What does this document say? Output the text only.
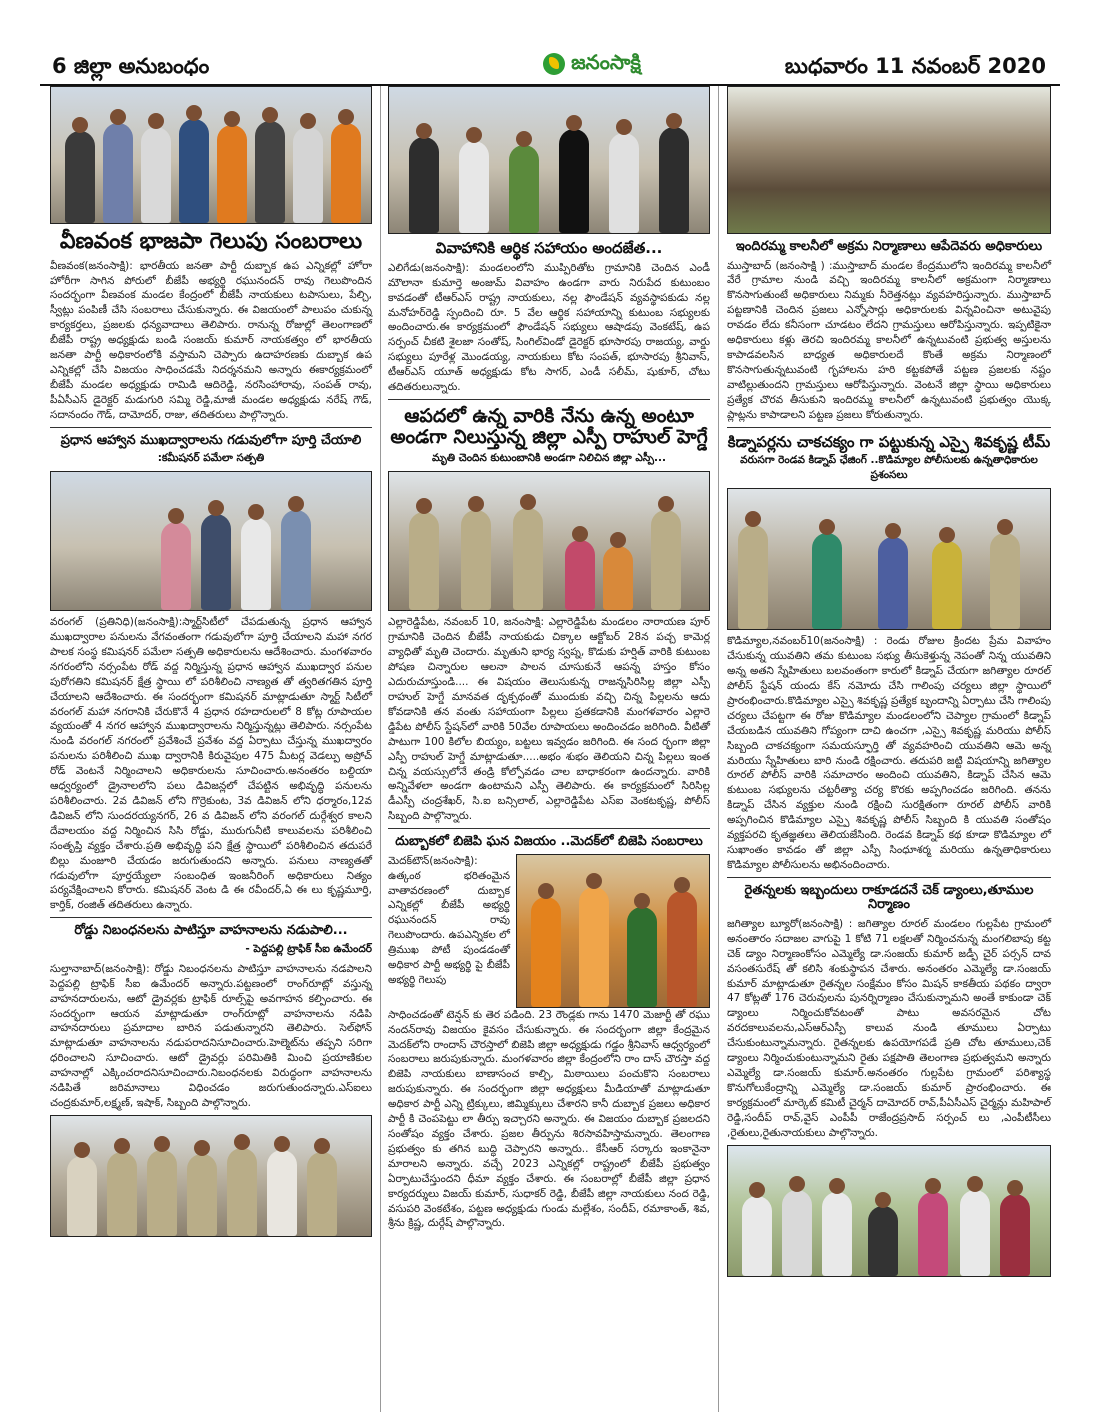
6 జిల్లా అనుబంధం	జనంసాక్షి	బుధవారం 11 నవంబర్ 2020
వీణవంక భాజపా గెలుపు సంబరాలు

వీణవంక(జనంసాక్షి): భారతీయ జనతా పార్టీ దుబ్బాక ఉప ఎన్నికల్లో హోరా హోరీగా సాగిన పోరులో బీజేపీ అభ్యర్థి రఘునందన్ రావు గెలుపొందిన సందర్భంగా వీణవంక మండల కేంద్రంలో బీజేపీ నాయకులు టపాసులు, పేల్చి, స్వీట్లు పంపిణీ చేసి సంబరాలు చేసుకున్నారు. ఈ విజయంలో పాలుపం చుకున్న కార్యకర్తలు, ప్రజలకు ధన్యవాదాలు తెలిపారు. రానున్న రోజుల్లో తెలంగాణలో బీజేపీ రాష్ట్ర అధ్యక్షుడు బండి సంజయ్ కుమార్ నాయకత్వం లో భారతీయ జనతా పార్టీ అధికారంలోకి వస్తామని చెప్పారు ఉదాహరణకు దుబ్బాక ఉప ఎన్నికల్లో చేసి విజయం సాధించడమే నిదర్శనమని అన్నారు ఈకార్యక్రమంలో బీజేపీ మండల అధ్యక్షుడు రామిడి ఆదిరెడ్డి, నరసింహారావు, సంపత్ రావు, పీఏసీఎస్ డైరెక్టర్ మడుగురి సమ్మి రెడ్డి,మాజీ మండల అధ్యక్షుడు నరేష్ గౌడ్, సదానందం గౌడ్, దామోదర్, రాజు, తదితరులు పాల్గొన్నారు.

ప్రధాన ఆహ్వాన ముఖద్వారాలను గడువులోగా పూర్తి చేయాలి
:కమీషనర్ పమేలా సత్పతి

వరంగల్ (ప్రతినిధి)(జనంసాక్షి):స్మార్ట్‌సిటీలో చేపడుతున్న ప్రధాన ఆహ్వాన ముఖద్వారాల పనులను వేగవంతంగా గడువులోగా పూర్తి చేయాలని మహా నగర పాలక సంస్థ కమిషనర్ పమేలా సత్పతి అధికారులను ఆదేశించారు. మంగళవారం నగరంలోని నర్సంపేట రోడ్ వద్ద నిర్మిస్తున్న ప్రధాన ఆహ్వాన ముఖద్వార పనుల పురోగతిని కమిషనర్ క్షేత్ర స్థాయి లో పరిశీలించి నాణ్యత తో త్వరితగతిన పూర్తి చేయాలని ఆదేశించారు. ఈ సందర్భంగా కమిషనర్ మాట్లాడుతూ స్మార్ట్ సిటీలో వరంగల్ మహా నగరానికి చేరుకొనే 4 ప్రధాన రహదారులలో 8 కోట్ల రూపాయల వ్యయంతో 4 నగర ఆహ్వాన ముఖద్వారాలను నిర్మిస్తున్నట్లు తెలిపారు. నర్సంపేట నుండి వరంగల్ నగరంలో ప్రవేశించే ప్రవేశం వద్ద ఏర్పాటు చేస్తున్న ముఖద్వారం పనులను పరిశీలించి ముఖ ద్వారానికి కిరువైపుల 475 మీటర్ల వెడల్పు అప్రోచ్ రోడ్ వెంటనే నిర్మించాలని అధికారులను సూచించారు.అనంతరం బల్దియా ఆధ్వర్యంలో డ్రైనాలలోని పలు డివిజన్లలో చేపట్టిన అభివృద్ధి పనులను పరిశీలించారు. 2వ డివిజన్ లోని గొర్రెకుంట, 3వ డివిజన్ లోని ధర్మారం,12వ డివిజన్ లోని సుందరయ్యనగర్, 26 వ డివిజన్ లోని వరంగల్ దుర్గేశ్వర కాలని దేవాలయం వద్ద నిర్మించిన సిసి రోడ్డు, మురుగునీటి కాలువలను పరిశీలించి సంతృప్తి వ్యక్తం చేశారు.ప్రతి అభివృద్ధి పని క్షేత్ర స్థాయిలో పరిశీలించిన తదుపరే బిల్లు మంజూరి చేయడం జరుగుతుందని అన్నారు. పనులు నాణ్యతతో గడువులోగా పూర్తయ్యేలా సంబంధిత ఇంజనీరింగ్ అధికారులు నిత్యం పర్యవేక్షించాలని కోరారు. కమిషనర్ వెంట డి ఈ రవీందర్,ఏ ఈ లు కృష్ణమూర్తి, కార్తిక్, రంజిత్ తదితరులు ఉన్నారు.

రోడ్డు నిబంధనలను పాటిస్తూ వాహనాలను నడుపాలి...
- పెద్దపల్లి ట్రాఫిక్ సీఐ ఉమేందర్

సుల్తానాబాద్(జనంసాక్షి): రోడ్డు నిబంధనలను పాటిస్తూ వాహనాలను నడపాలని పెద్దపల్లి ట్రాఫిక్ సీఐ ఉమేందర్ అన్నారు.పట్టణంలో రాంగ్‌రూట్లో వస్తున్న వాహనదారులను, ఆటో డ్రైవర్లకు ట్రాఫిక్ రూల్స్‌పై అవగాహన కల్పించారు. ఈ సందర్భంగా ఆయన మాట్లాడుతూ రాంగ్‌రూట్లో వాహనాలను నడిపి వాహనదారులు ప్రమాదాల బారిన పడుతున్నారని తెలిపారు. సెల్‌ఫోన్ మాట్లాడుతూ వాహనాలను నడుపరాదనిసూచించారు.హెల్మెట్‌ను తప్పని సరిగా ధరించాలని సూచించారు. ఆటో డ్రైవర్లు పరిమితికి మించి ప్రయాణికుల వాహనాల్లో ఎక్కించరాదనిసూచించారు.నిబంధనలకు విరుద్ధంగా వాహనాలను నడిపితే జరిమానాలు విధించడం జరుగుతుందన్నారు.ఎస్ఐలు చంద్రకుమార్,లక్ష్మణ్, ఇషాక్, సిబ్బంది పాల్గొన్నారు.

వివాహానికి ఆర్థిక సహాయం అందజేత...

ఎలిగేడు(జనంసాక్షి): మండలంలోని ముప్పిరితోట గ్రామానికి చెందిన ఎండీ మౌలానా కుమార్తె అంజుమ్ వివాహం ఉండగా వారు నిరుపేద కుటుంబం కావడంతో టీఆర్ఎస్ రాష్ట్ర నాయకులు, నల్ల ఫౌండేషన్ వ్యవస్థాపకుడు నల్ల మనోహర్‌రెడ్డి స్పందించి రూ. 5 వేల ఆర్థిక సహాయాన్ని కుటుంబ సభ్యులకు అందించారు.ఈ కార్యక్రమంలో ఫౌండేషన్ సభ్యులు ఆషాడపు వెంకటేష్, ఉప సర్పంచ్ చీకటి శైలజా సంతోష్, సింగిల్‌విండో డైరెక్టర్ భూసారపు రాజయ్య, వార్డు సభ్యులు పూరేళ్ల మొండయ్య, నాయకులు కోట సంపత్, భూసారపు శ్రీనివాస్, టీఆర్ఎస్ యూత్ అధ్యక్షుడు కోట సాగర్, ఎండీ సలీమ్, షుకూర్, చోటు తదితరులున్నారు.

ఆపదలో ఉన్న వారికి నేను ఉన్న అంటూ అండగా నిలుస్తున్న జిల్లా ఎస్పీ రాహుల్ హెగ్డే
మృతి చెందిన కుటుంబానికి అండగా నిలిచిన జిల్లా ఎస్పీ...

ఎల్లారెడ్డిపేట, నవంబర్ 10, జనంసాక్షి: ఎల్లారెడ్డిపేట మండలం నారాయణ పూర్ గ్రామానికి చెందిన బీజేపీ నాయకుడు చిక్కాల ఆక్టోబర్ 28న పచ్చ కామెర్ల వ్యాధితో మృతి చెందారు. మృతుని భార్య స్వప్న, కొడుకు హర్షిత్ వారికి కుటుంబ పోషణ చిన్నారుల ఆలనా పాలన చూసుకునే ఆపన్న హస్తం కోసం ఎదురుచూస్తుండి.... ఈ విషయం తెలుసుకున్న రాజన్నసిరిసిల్ల జిల్లా ఎస్పీ రాహుల్ హెగ్డే మానవత దృక్పథంతో ముందుకు వచ్చి చిన్న పిల్లలను ఆదు కోవడానికి తన వంతు సహాయంగా పిల్లలు ప్రతకడానికి మంగళవారం ఎల్లారె డ్డిపేట పోలీస్ స్టేషన్‌లో వారికి 50వేల రూపాయలు అందించడం జరిగింది. వీటితో పాటుగా 100 కిలోల బియ్యం, బట్టలు ఇవ్వడం జరిగింది. ఈ సంద ర్భంగా జిల్లా ఎస్పీ రాహుల్ హెగ్డే మాట్లాడుతూ.....అభం శుభం తెలియని చిన్న పిల్లలు ఇంత చిన్న వయస్సులోనే తండ్రి కోల్పోవడం చాల బాధాకరంగా ఉందన్నారు. వారికి అన్నివేళలా అండగా ఉంటామని ఎస్పీ తెలిపారు. ఈ కార్యక్రమంలో సిరిసిల్ల డీఎస్పీ చంద్రశేఖర్, సి.ఐ బన్సిలాల్, ఎల్లారెడ్డిపేట ఎస్ఐ వెంకటకృష్ణ, పోలీస్ సిబ్బంది పాల్గొన్నారు.

దుబ్బాకలో బిజెపి ఘన విజయం ..మెదక్‌లో బిజెపి సంబరాలు

మెదక్‌టౌన్(జనంసాక్షి): ఉత్కంఠ భరితంమైన వాతావరణంలో దుబ్బాక ఎన్నికల్లో బీజేపీ అభ్యర్థి రఘునందన్ రావు గెలుపొందారు. ఉపఎన్నికల లో త్రిముఖ పోటీ పుండడంతో అధికార పార్టీ అభ్యర్థి పై బీజేపీ అభ్యర్థి గెలుపు

సాధించడంతో టెన్షన్ కు తెర పడింది. 23 రౌండ్లకు గాను 1470 మెజార్టీ తో రఘు నందన్‌రావు విజయం కైవసం చేసుకున్నారు. ఈ సందర్భంగా జిల్లా కేంద్రమైన మెదక్‌లోని రాందాస్ చౌరస్తాలో బిజెపి జిల్లా అధ్యక్షుడు గడ్డం శ్రీనివాస్ ఆధ్వర్యంలో సంబరాలు జరుపుకున్నారు. మంగళవారం జిల్లా కేంద్రంలోని రాం దాస్ చౌరస్తా వద్ద బిజెపి నాయకులు బాణాసంచ కాల్చి, మిఠాయిలు పంచుకొని సంబరాలు జరుపుకున్నారు. ఈ సందర్భంగా జిల్లా అధ్యక్షులు మీడియాతో మాట్లాడుతూ అధికార పార్టీ ఎన్ని ట్రిక్కులు, జిమ్మిక్కులు చేశారని కానీ దుబ్బాక ప్రజలు అధికార పార్టీ కి చెంపపెట్టు లా తీర్పు ఇచ్చారని అన్నారు. ఈ విజయం దుబ్బాక ప్రజలదని సంతోషం వ్యక్తం చేశారు. ప్రజల తీర్పును శిరసావహిస్తామన్నారు. తెలంగాణ ప్రభుత్వం కు తగిన బుద్ధి చెప్పారని అన్నారు.. కేసీఆర్ సర్కారు ఇంకానైనా మారాలని అన్నారు. వచ్చే 2023 ఎన్నికల్లో రాష్ట్రంలో బీజేపీ ప్రభుత్వం ఏర్పాటుచేస్తుందని ధీమా వ్యక్తం చేశారు. ఈ సంబరాల్లో బీజేపీ జిల్లా ప్రధాన కార్యదర్శులు విజయ్ కుమార్, సుధాకర్ రెడ్డి, బీజేపీ జిల్లా నాయకులు నంద రెడ్డి, వసుపరి వెంకటేశం, పట్టణ అధ్యక్షుడు గుండు మల్లేశం, సందీప్, రమాకాంత్, శివ, శ్రీను క్రిష్ణ, దుర్గేష్ పాల్గొన్నారు.

ఇందిరమ్మ కాలనీలో అక్రమ నిర్మాణాలు ఆపేదెవరు అధికారులు

ముస్తాబాద్ (జనంసాక్షి ) :ముస్తాబాద్ మండల కేంద్రములోని ఇందిరమ్మ కాలనీలో వేరే గ్రామాల నుండి వచ్చి ఇందిరమ్మ కాలనీలో అక్రమంగా నిర్మాణాలు కొనసాగుతుంటే అధికారులు నిమ్మకు నీరెత్తనట్లు వ్యవహరిస్తున్నారు. ముస్తాబాద్ పట్టణానికి చెందిన ప్రజలు ఎన్నోసార్లు అధికారులకు విన్నవించినా అటువైపు రావడం లేదు కనీసంగా చూడటం లేదని గ్రామస్తులు ఆరోపిస్తున్నారు. ఇప్పటికైనా అధికారులు కళ్లు తెరచి ఇందిరమ్మ కాలనీలో ఉన్నటువంటి ప్రభుత్వ అస్తులను కాపాడవలసిన బాధ్యత అధికారులదే కొంతే అక్రమ నిర్మాణంలో కొనసాగుతున్నటువంటి గృహాలను హరి కట్టకపోతే పట్టణ ప్రజలకు నష్టం వాటిల్లుతుందని గ్రామస్తులు ఆరోపిస్తున్నారు. వెంటనే జిల్లా స్థాయి అధికారులు ప్రత్యేక చొరవ తీసుకుని ఇందిరమ్మ కాలనీలో ఉన్నటువంటి ప్రభుత్వం యొక్క ప్లాట్లను కాపాడాలని పట్టణ ప్రజలు కోరుతున్నారు.

కిడ్నాపర్లను చాకచక్యం గా పట్టుకున్న ఎస్పై శివకృష్ణ టీమ్
వరుసగా రెండవ కిడ్నాప్ ఛేజింగ్ ..కొడిమ్యాల పోలీసులకు ఉన్నతాధికారుల ప్రశంసలు

కొడిమ్యాల,నవంబర్10(జనంసాక్షి) : రెండు రోజుల క్రిందట ప్రేమ వివాహం చేసుకున్న యువతిని తమ కుటుంబ సభ్యు తీసుకెళ్తున్న నెపంతో నిన్న యువతిని అన్న అతని స్నేహితులు బలవంతంగా కారులో కిడ్నాప్ చేయగా జగిత్యాల రూరల్ పోలీస్ స్టేషన్ యందు కేస్ నమోదు చేసి గాలింపు చర్యలు జిల్లా స్థాయిలో ప్రారంభించారు.కొడిమ్యాల ఎస్సై శివకృష్ణ ప్రత్యేక బృందాన్ని ఏర్పాటు చేసి గాలింపు చర్యలు చేపట్టగా ఈ రోజు కొడిమ్యాల మండలంలోని చెప్యాల గ్రామంలో కిడ్నాప్ చేయబడిన యువతిని గోప్యంగా దాచి ఉంచగా ,ఎస్సై శివకృష్ణ మరియు పోలీస్ సిబ్బంది చాకచక్యంగా సమయస్ఫూర్తి తో వ్యవహరించి యువతిని ఆమె అన్న మరియు స్నేహితులు బారి నుండి రక్షించారు. తదుపరి జట్టి విషయాన్ని జగిత్యాల రూరల్ పోలీస్ వారికి సమాచారం అందించి యువతిని, కిడ్నాప్ చేసిన ఆమె కుటుంబ సభ్యులను చట్టరీత్యా చర్య కొరకు అప్పగించడం జరిగింది. తనను కిడ్నాప్ చేసిన వ్యక్తుల నుండి రక్షించి సురక్షితంగా రూరల్ పోలీస్ వారికి అప్పగించిన కొడిమ్యాల ఎస్పై శివకృష్ణ పోలీస్ సిబ్బంది కి యువతి సంతోషం వ్యక్తపరచి కృతజ్ఞతలు తెలియజేసింది. రెండవ కిడ్నాప్ కథ కూడా కొడిమ్యాల లో సుఖాంతం కావడం తో జిల్లా ఎస్పీ సింధూశర్మ మరియు ఉన్నతాధికారులు కొడిమ్యాల పోలీసులను అభినందించారు.

రైతన్నలకు ఇబ్బందులు రాకూడదనే చెక్ డ్యాంలు,తూముల నిర్మాణం

జగిత్యాల బ్యూరో(జనంసాక్షి) : జగిత్యాల రూరల్ మండలం గుల్లపేట గ్రామంలో అనంతారం సదాజల వాగుపై 1 కోటి 71 లక్షలతో నిర్మించనున్న మంగలిబాపు కట్ట చెక్ డ్యాం నిర్మాణంకోసం ఎమ్మెల్యే డా.సంజయ్ కుమార్ జడ్పీ చైర్ పర్సన్ దావ వసంతసురేష్ తో కలిసి శంకుస్థాపన చేశారు. అనంతరం ఎమ్మెల్యే డా.సంజయ్ కుమార్ మాట్లాడుతూ రైతన్నల సంక్షేమం కోసం మిషన్ కాకతీయ పథకం ద్వారా 47 కోట్లతో 176 చెరువులను పునర్నిర్మాణం చేసుకున్నామని అంతే కాకుండా చెక్ డ్యాంలు నిర్మించుకోవటంతో పాటు అవసరమైన చోట వరదకాలువలను,ఎస్ఆర్ఎస్పీ కాలువ నుండి తూములు ఏర్పాటు చేసుకుంటున్నామన్నారు. రైతన్నలకు ఉపయోగపడే ప్రతి చోట తూములు,చెక్ డ్యాంలు నిర్మించుకుంటున్నామని రైతు పక్షపాతి తెలంగాణ ప్రభుత్వమని అన్నారు ఎమ్మెల్యే డా.సంజయ్ కుమార్.అనంతరం గుల్లపేట గ్రామంలో పరిశ్యాస్థ కొనుగోలుకేంద్రాన్ని ఎమ్మెల్యే డా.సంజయ్ కుమార్ ప్రారంభించారు. ఈ కార్యక్రమంలో మార్కెట్ కమిటీ చైర్మన్ దామోదర్ రావ్,పీఏసీఎస్ చైర్మన్లు మహిపాల్ రెడ్డి,సందీప్ రావ్,వైస్ ఎంపీపీ రాజేంద్రప్రసాద్ సర్పంచ్ లు ,ఎంపీటీసీలు ,రైతులు,రైతునాయకులు పాల్గొన్నారు.
